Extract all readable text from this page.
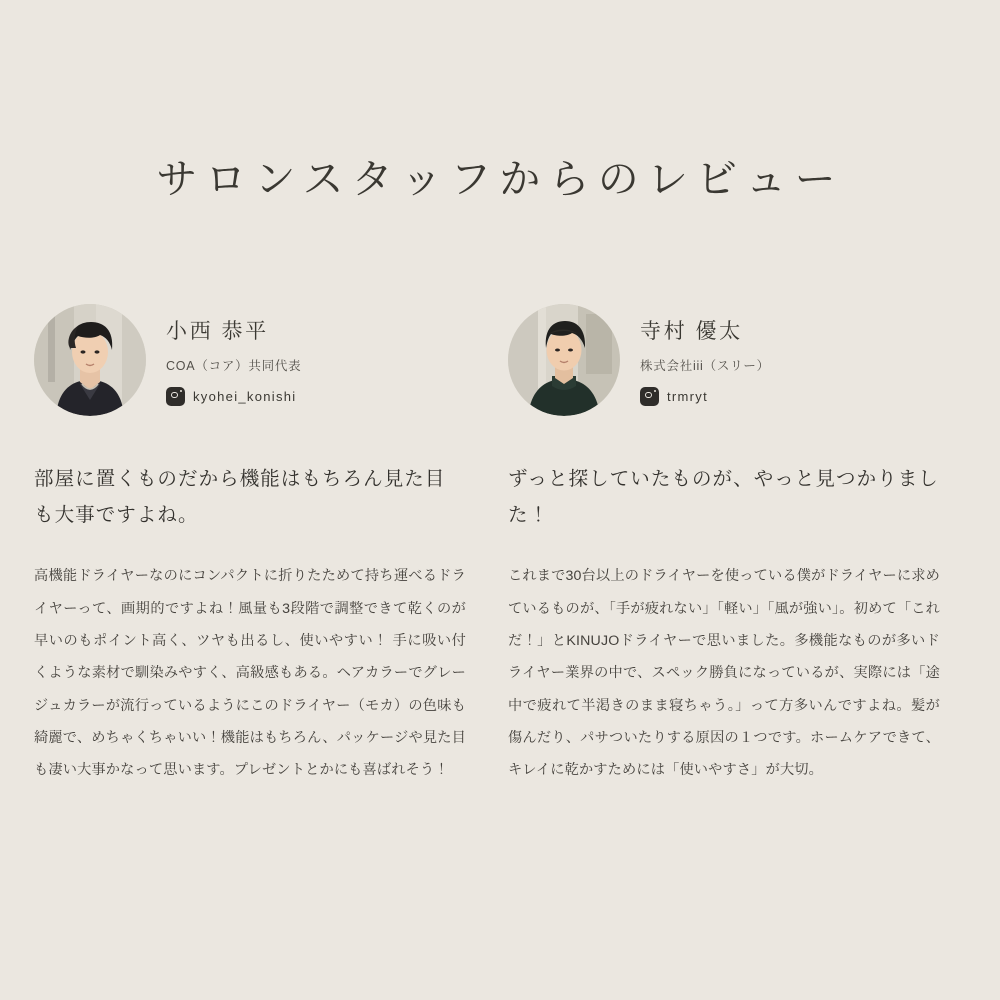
サロンスタッフからのレビュー
小西 恭平
COA（コア）共同代表
kyohei_konishi
部屋に置くものだから機能はもちろん見た目も大事ですよね。
高機能ドライヤーなのにコンパクトに折りたためて持ち運べるドライヤーって、画期的ですよね！風量も3段階で調整できて乾くのが早いのもポイント高く、ツヤも出るし、使いやすい！ 手に吸い付くような素材で馴染みやすく、高級感もある。ヘアカラーでグレージュカラーが流行っているようにこのドライヤー（モカ）の色味も綺麗で、めちゃくちゃいい！機能はもちろん、パッケージや見た目も凄い大事かなって思います。プレゼントとかにも喜ばれそう！
寺村 優太
株式会社iii（スリー）
trmryt
ずっと探していたものが、やっと見つかりました！
これまで30台以上のドライヤーを使っている僕がドライヤーに求めているものが、「手が疲れない」「軽い」「風が強い」。初めて「これだ！」とKINUJOドライヤーで思いました。多機能なものが多いドライヤー業界の中で、スペック勝負になっているが、実際には「途中で疲れて半渇きのまま寝ちゃう。」って方多いんですよね。髪が傷んだり、パサついたりする原因の１つです。ホームケアできて、キレイに乾かすためには「使いやすさ」が大切。
